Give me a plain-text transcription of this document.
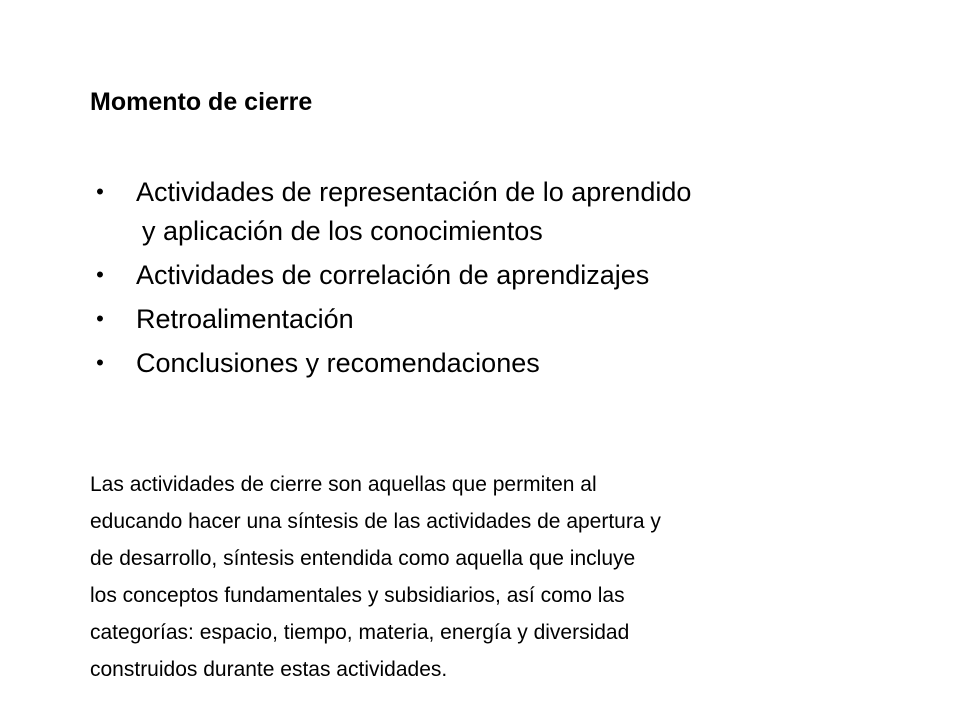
Momento de cierre
• Actividades de representación de lo aprendido
y aplicación de los conocimientos
• Actividades de correlación de aprendizajes
• Retroalimentación
• Conclusiones y recomendaciones

Las actividades de cierre son aquellas que permiten al
educando hacer una síntesis de las actividades de apertura y
de desarrollo, síntesis entendida como aquella que incluye
los conceptos fundamentales y subsidiarios, así como las
categorías: espacio, tiempo, materia, energía y diversidad
construidos durante estas actividades.
